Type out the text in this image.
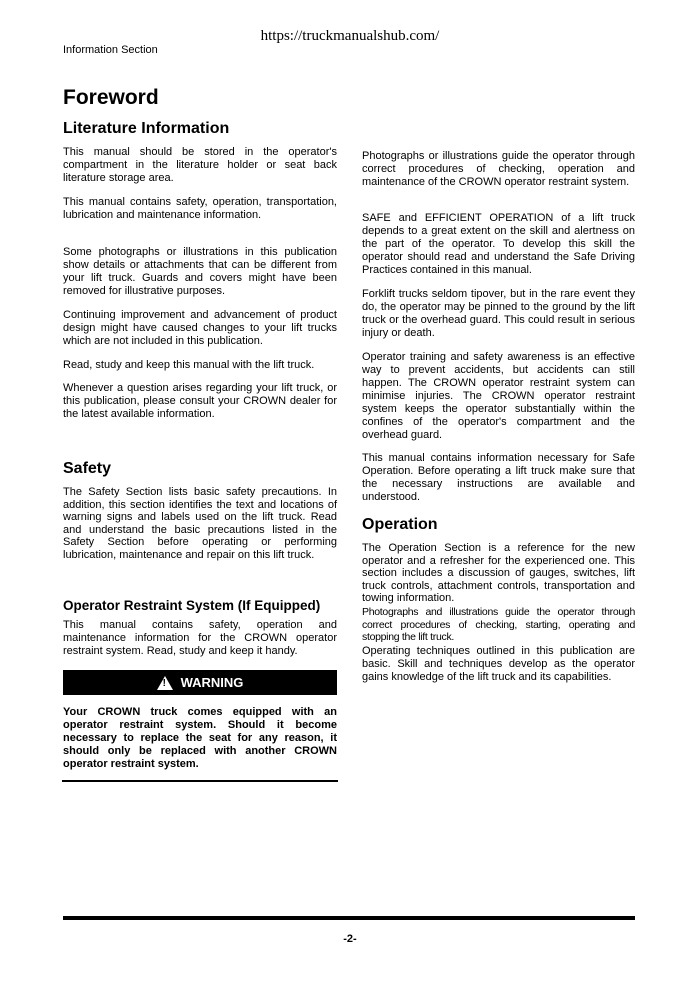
https://truckmanualshub.com/
Information Section
Foreword
Literature Information

This manual should be stored in the operator's compartment in the literature holder or seat back literature storage area.

This manual contains safety, operation, transportation, lubrication and maintenance information.

Some photographs or illustrations in this publication show details or attachments that can be different from your lift truck. Guards and covers might have been removed for illustrative purposes.

Continuing improvement and advancement of product design might have caused changes to your lift trucks which are not included in this publication.

Read, study and keep this manual with the lift truck.

Whenever a question arises regarding your lift truck, or this publication, please consult your CROWN dealer for the latest available information.

Safety

The Safety Section lists basic safety precautions. In addition, this section identifies the text and locations of warning signs and labels used on the lift truck. Read and understand the basic precautions listed in the Safety Section before operating or performing lubrication, maintenance and repair on this lift truck.

Operator Restraint System (If Equipped)

This manual contains safety, operation and maintenance information for the CROWN operator restraint system. Read, study and keep it handy.

! WARNING

Your CROWN truck comes equipped with an operator restraint system. Should it become necessary to replace the seat for any reason, it should only be replaced with another CROWN operator restraint system.

Photographs or illustrations guide the operator through correct procedures of checking, operation and maintenance of the CROWN operator restraint system.

SAFE and EFFICIENT OPERATION of a lift truck depends to a great extent on the skill and alertness on the part of the operator. To develop this skill the operator should read and understand the Safe Driving Practices contained in this manual.

Forklift trucks seldom tipover, but in the rare event they do, the operator may be pinned to the ground by the lift truck or the overhead guard. This could result in serious injury or death.

Operator training and safety awareness is an effective way to prevent accidents, but accidents can still happen. The CROWN operator restraint system can minimise injuries. The CROWN operator restraint system keeps the operator substantially within the confines of the operator's compartment and the overhead guard.

This manual contains information necessary for Safe Operation. Before operating a lift truck make sure that the necessary instructions are available and understood.

Operation

The Operation Section is a reference for the new operator and a refresher for the experienced one. This section includes a discussion of gauges, switches, lift truck controls, attachment controls, transportation and towing information.

Photographs and illustrations guide the operator through correct procedures of checking, starting, operating and stopping the lift truck.

Operating techniques outlined in this publication are basic. Skill and techniques develop as the operator gains knowledge of the lift truck and its capabilities.

-2-
